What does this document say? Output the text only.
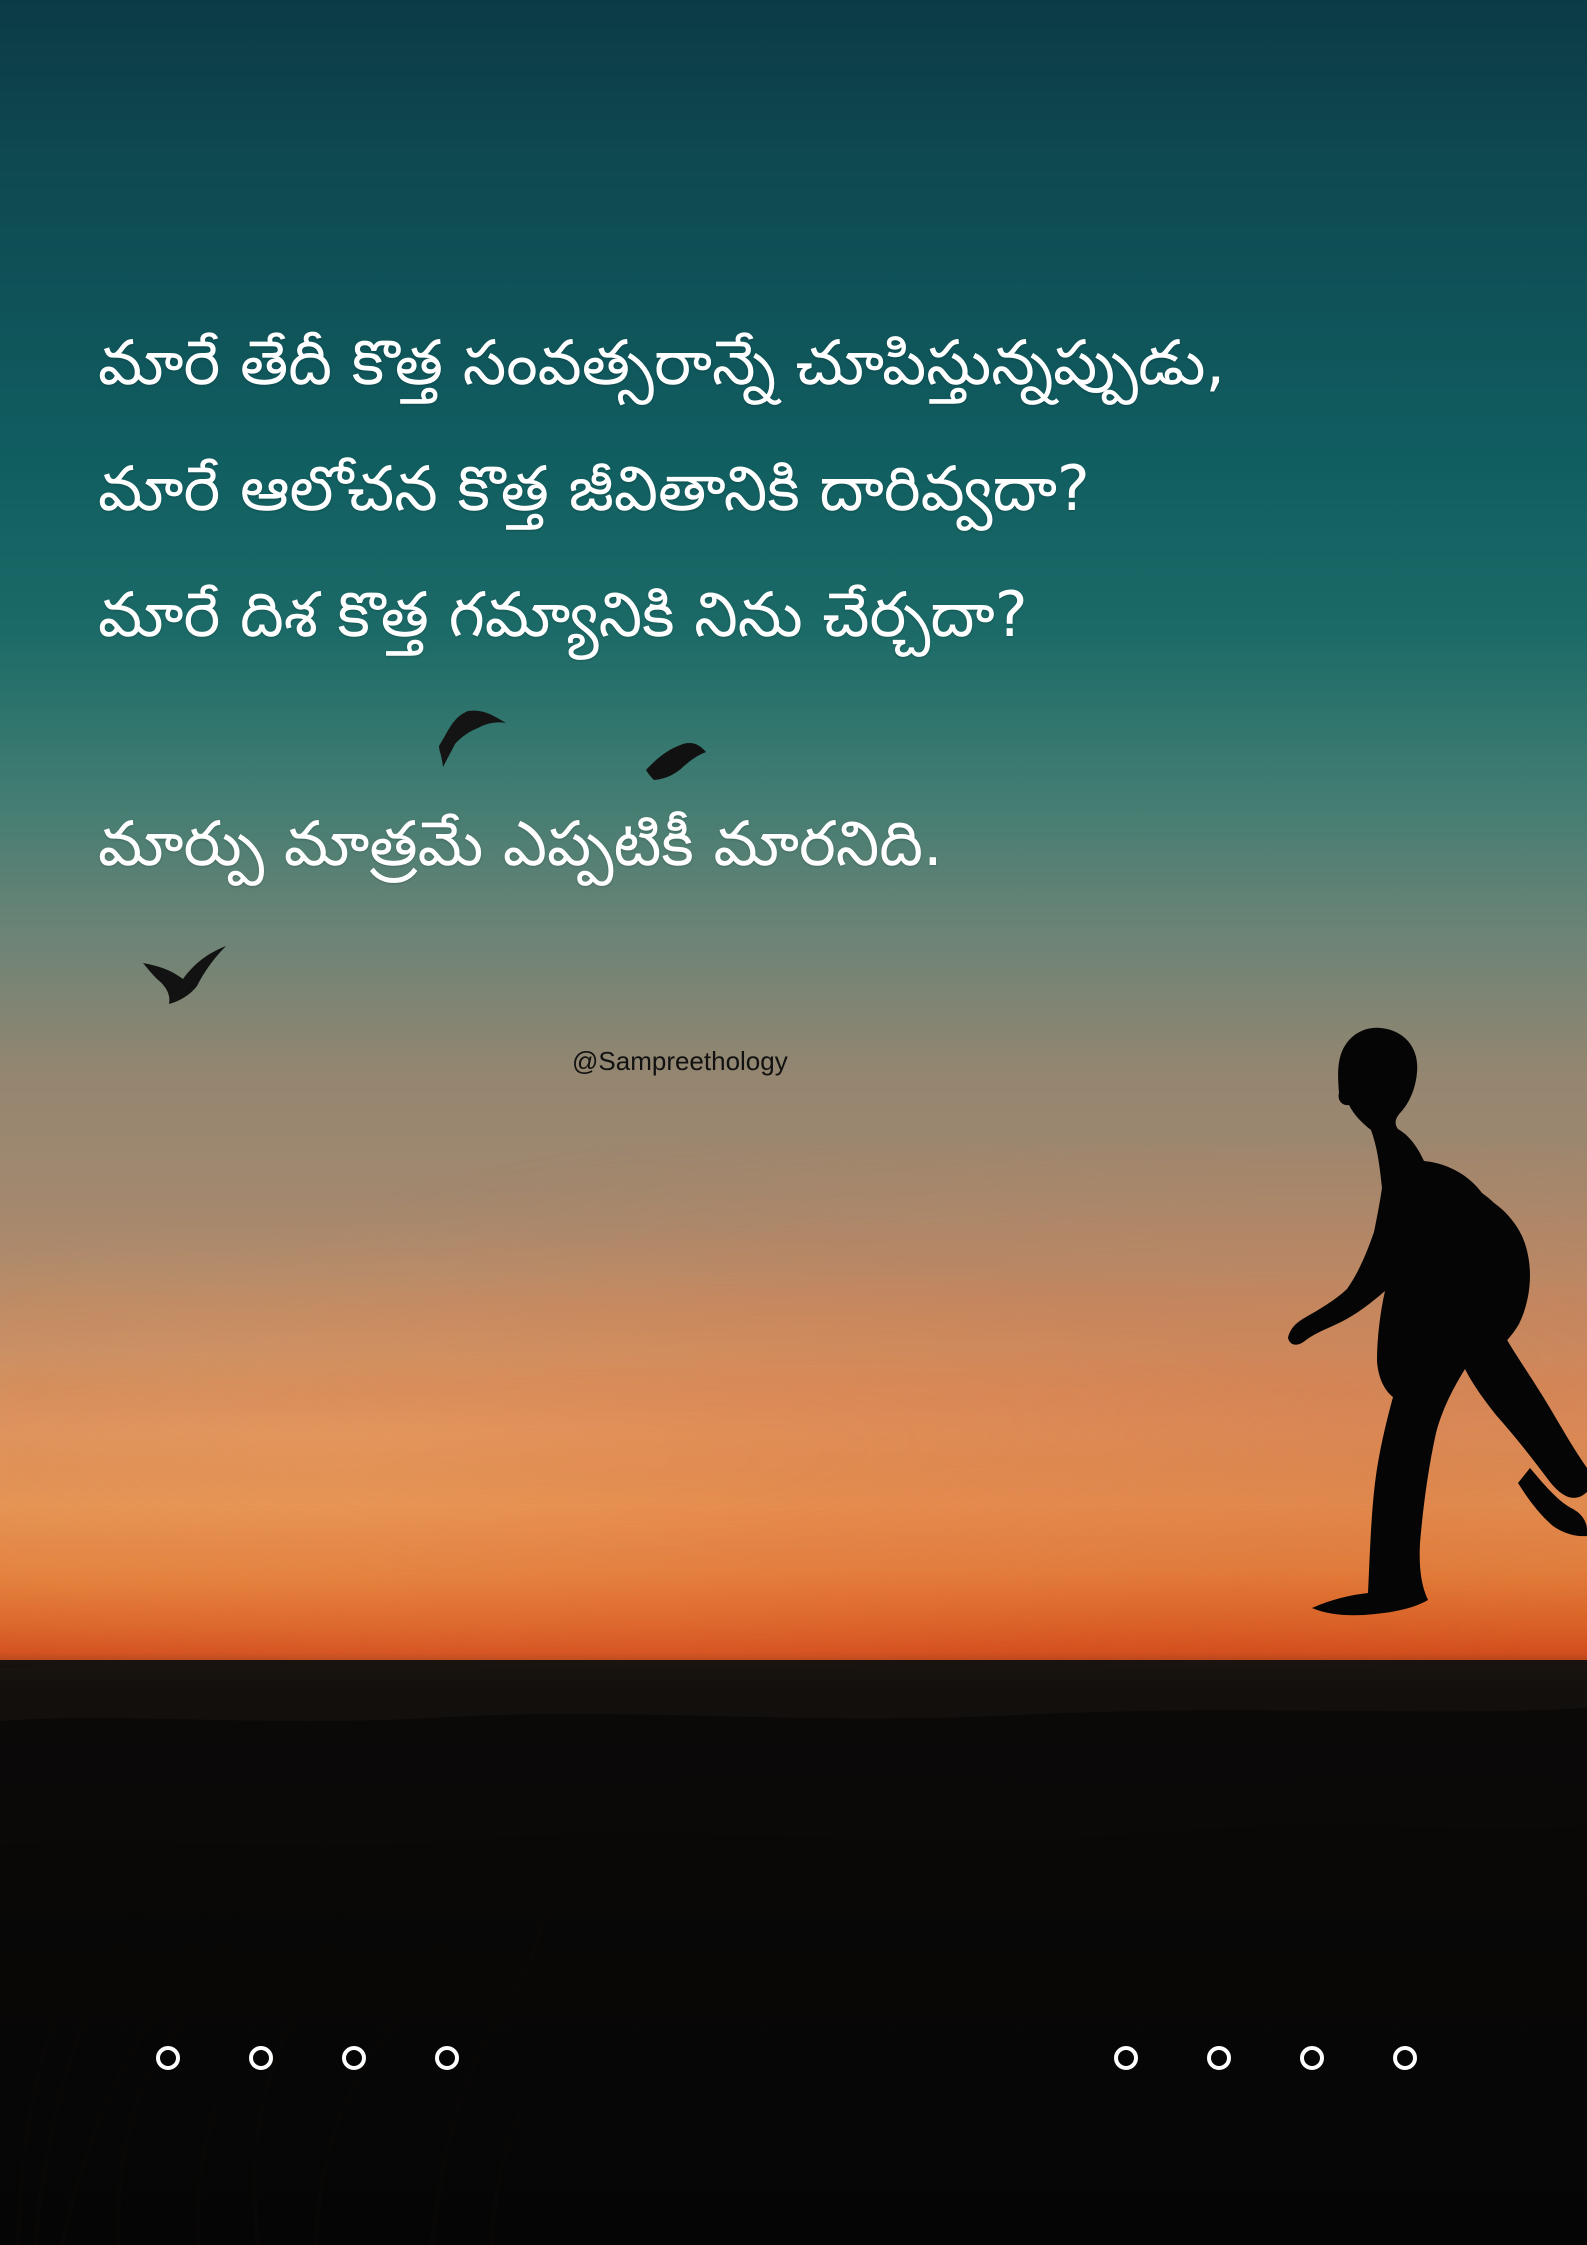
మారే తేదీ కొత్త సంవత్సరాన్నే చూపిస్తున్నప్పుడు,
మారే ఆలోచన కొత్త జీవితానికి దారివ్వదా?
మారే దిశ కొత్త గమ్యానికి నిను చేర్చదా?
మార్పు మాత్రమే ఎప్పటికీ మారనిది.
@Sampreethology
